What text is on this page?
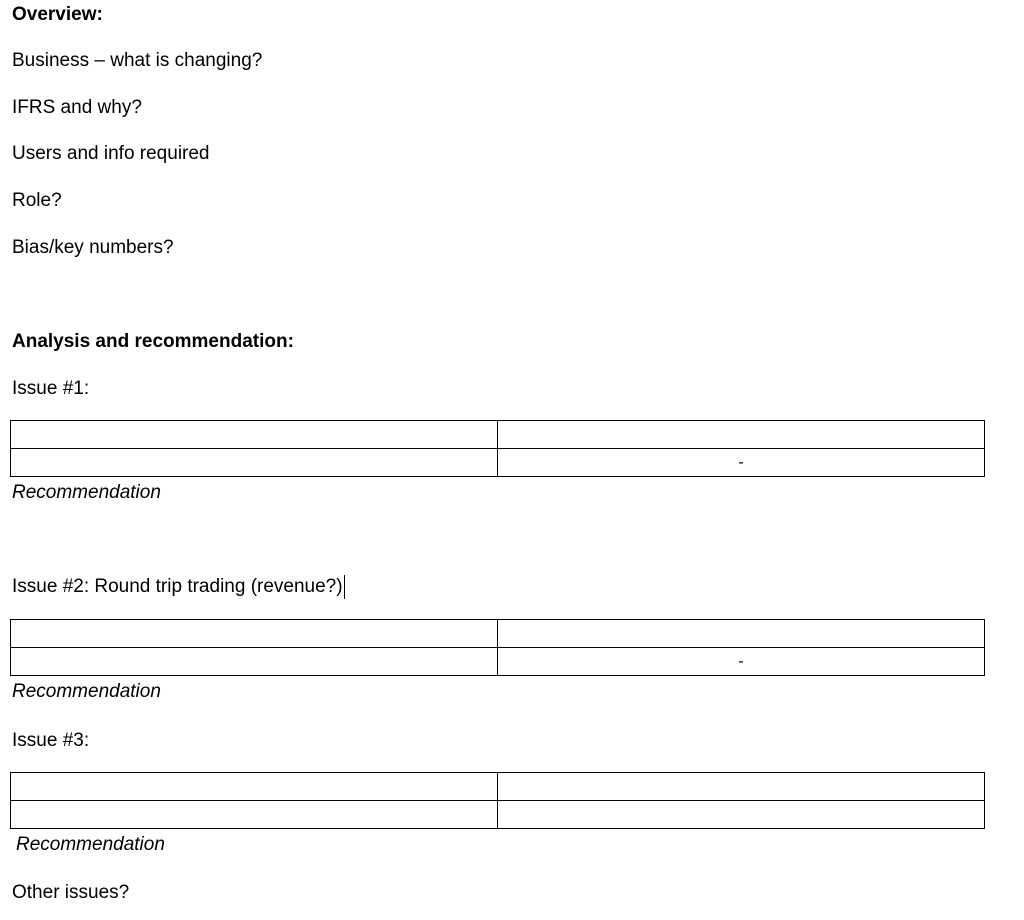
Overview:
Business – what is changing?
IFRS and why?
Users and info required
Role?
Bias/key numbers?
Analysis and recommendation:
Issue #1:

	-
Recommendation
Issue #2: Round trip trading (revenue?)

	-
Recommendation
Issue #3:

Recommendation
Other issues?
